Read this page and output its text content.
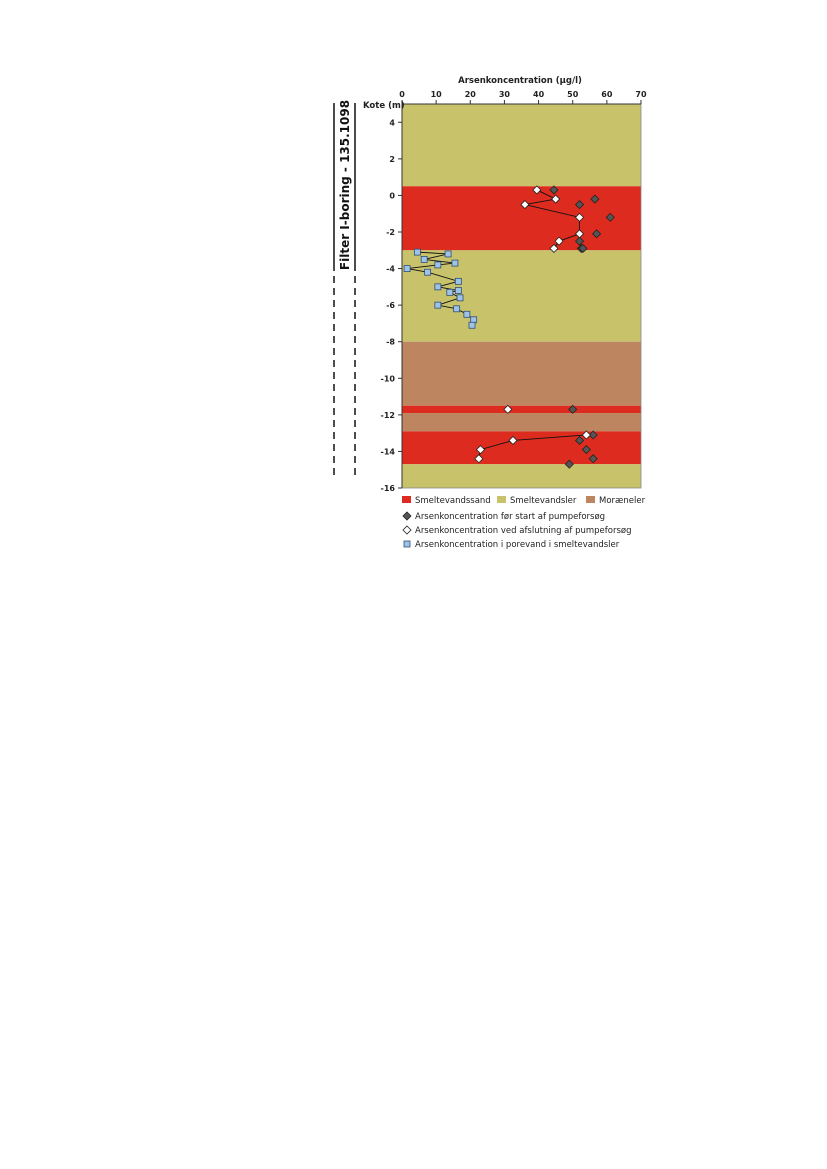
Arsenkoncentration (µg/l)
0	10	20	30	40	50	60	70
Kote (m)
4
2
0
-2
-4
-6
-8
-10
-12
-14
-16
Filter I-boring - 135.1098
Smeltevandssand Smeltevandsler	Moræneler
Arsenkoncentration før start af pumpeforsøg
Arsenkoncentration ved afslutning af pumpeforsøg
Arsenkoncentration i porevand i smeltevandsler
